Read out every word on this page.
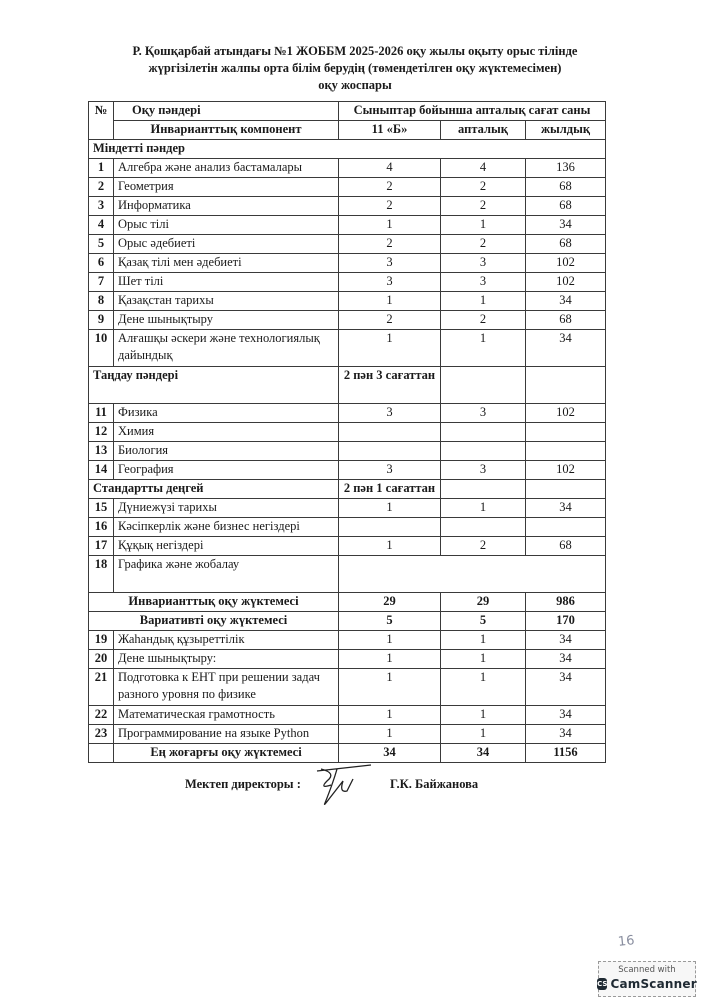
Р. Қошқарбай атындағы №1 ЖОББМ 2025-2026 оқу жылы оқыту орыс тілінде
жүргізілетін жалпы орта білім берудің (төмендетілген оқу жүктемесімен)
оқу жоспары
№	Оқу пәндері	Сыныптар бойынша апталық сағат саны		
	Инварианттық компонент	11 «Б»	апталық	жылдық
Міндетті пәндер				
1	Алгебра және анализ бастамалары	4	4	136
2	Геометрия	2	2	68
3	Информатика	2	2	68
4	Орыс тілі	1	1	34
5	Орыс әдебиеті	2	2	68
6	Қазақ тілі мен әдебиеті	3	3	102
7	Шет тілі	3	3	102
8	Қазақстан тарихы	1	1	34
9	Дене шынықтыру	2	2	68
10	Алғашқы әскери және технологиялық дайындық	1	1	34
Таңдау пәндері		2 пән 3 сағаттан		
11	Физика	3	3	102
12	Химия			
13	Биология			
14	География	3	3	102
Стандартты деңгей		2 пән 1 сағаттан		
15	Дүниежүзі тарихы	1	1	34
16	Кәсіпкерлік және бизнес негіздері			
17	Құқық негіздері	1	2	68
18	Графика және жобалау			
Инварианттық оқу жүктемесі		29	29	986
Вариативті оқу жүктемесі		5	5	170
19	Жаһандық құзыреттілік	1	1	34
20	Дене шынықтыру:	1	1	34
21	Подготовка к ЕНТ при решении задач разного уровня по физике	1	1	34
22	Математическая грамотность	1	1	34
23	Программирование на языке Python	1	1	34
	Ең жоғарғы оқу жүктемесі	34	34	1156
Мектеп директоры :	Г.К. Байжанова
16
Scanned with
CS CamScanner
